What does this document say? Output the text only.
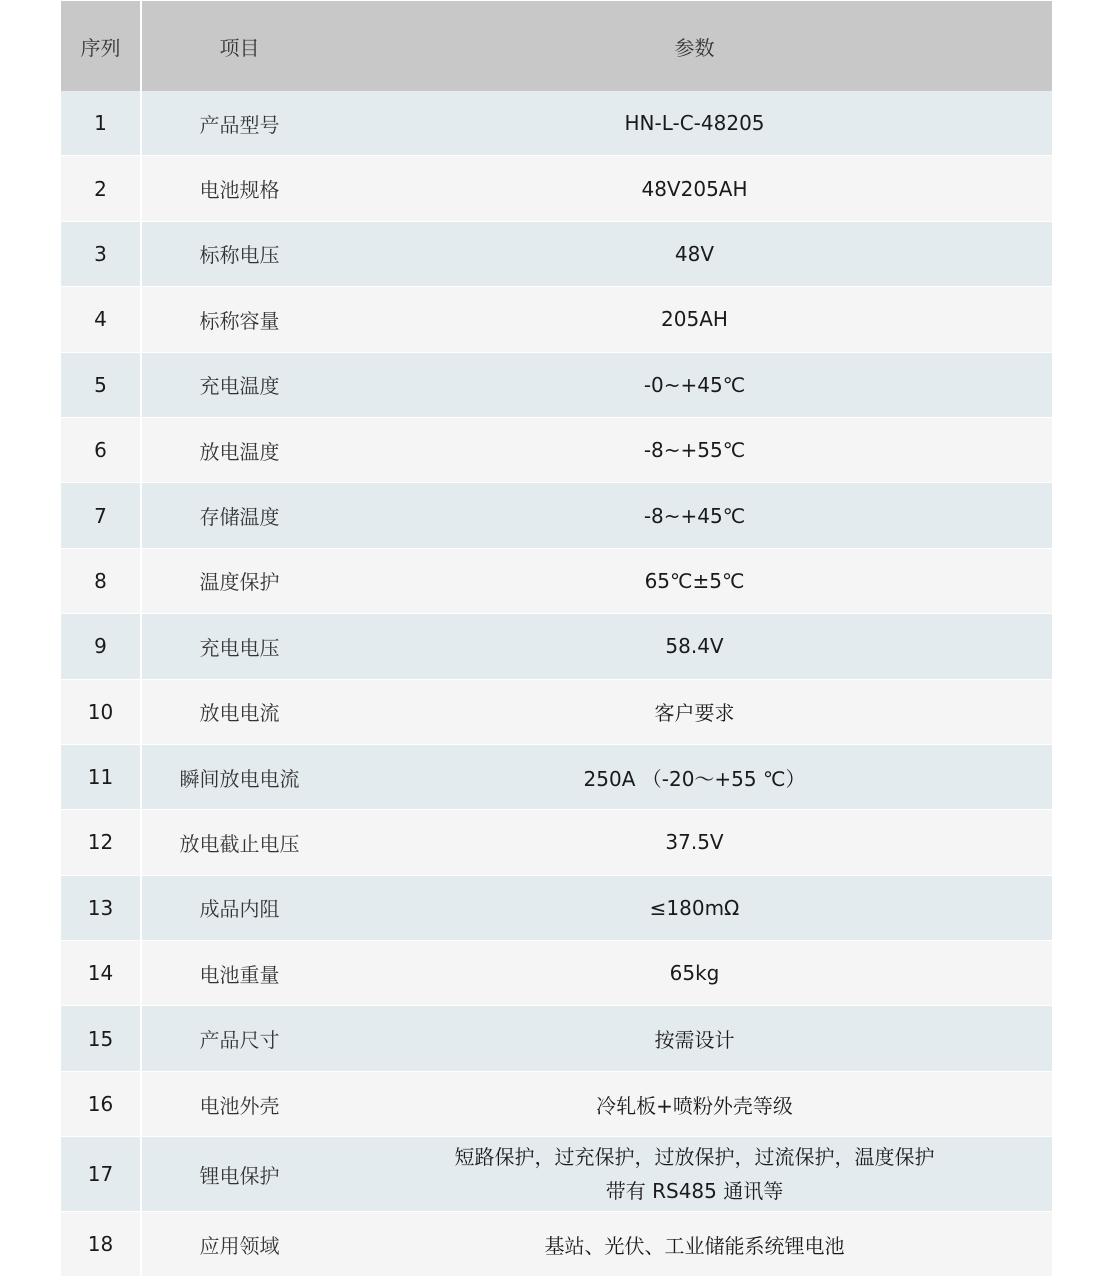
序列	项目	参数
1	产品型号	HN-L-C-48205
2	电池规格	48V205AH
3	标称电压	48V
4	标称容量	205AH
5	充电温度	-0~+45℃
6	放电温度	-8~+55℃
7	存储温度	-8~+45℃
8	温度保护	65℃±5℃
9	充电电压	58.4V
10	放电电流	客户要求
11	瞬间放电电流	250A （-20～+55 ℃）
12	放电截止电压	37.5V
13	成品内阻	≤180mΩ
14	电池重量	65kg
15	产品尺寸	按需设计
16	电池外壳	冷轧板+喷粉外壳等级
17	锂电保护	短路保护，过充保护，过放保护，过流保护，温度保护
带有 RS485 通讯等

18	应用领域	基站、光伏、工业储能系统锂电池
